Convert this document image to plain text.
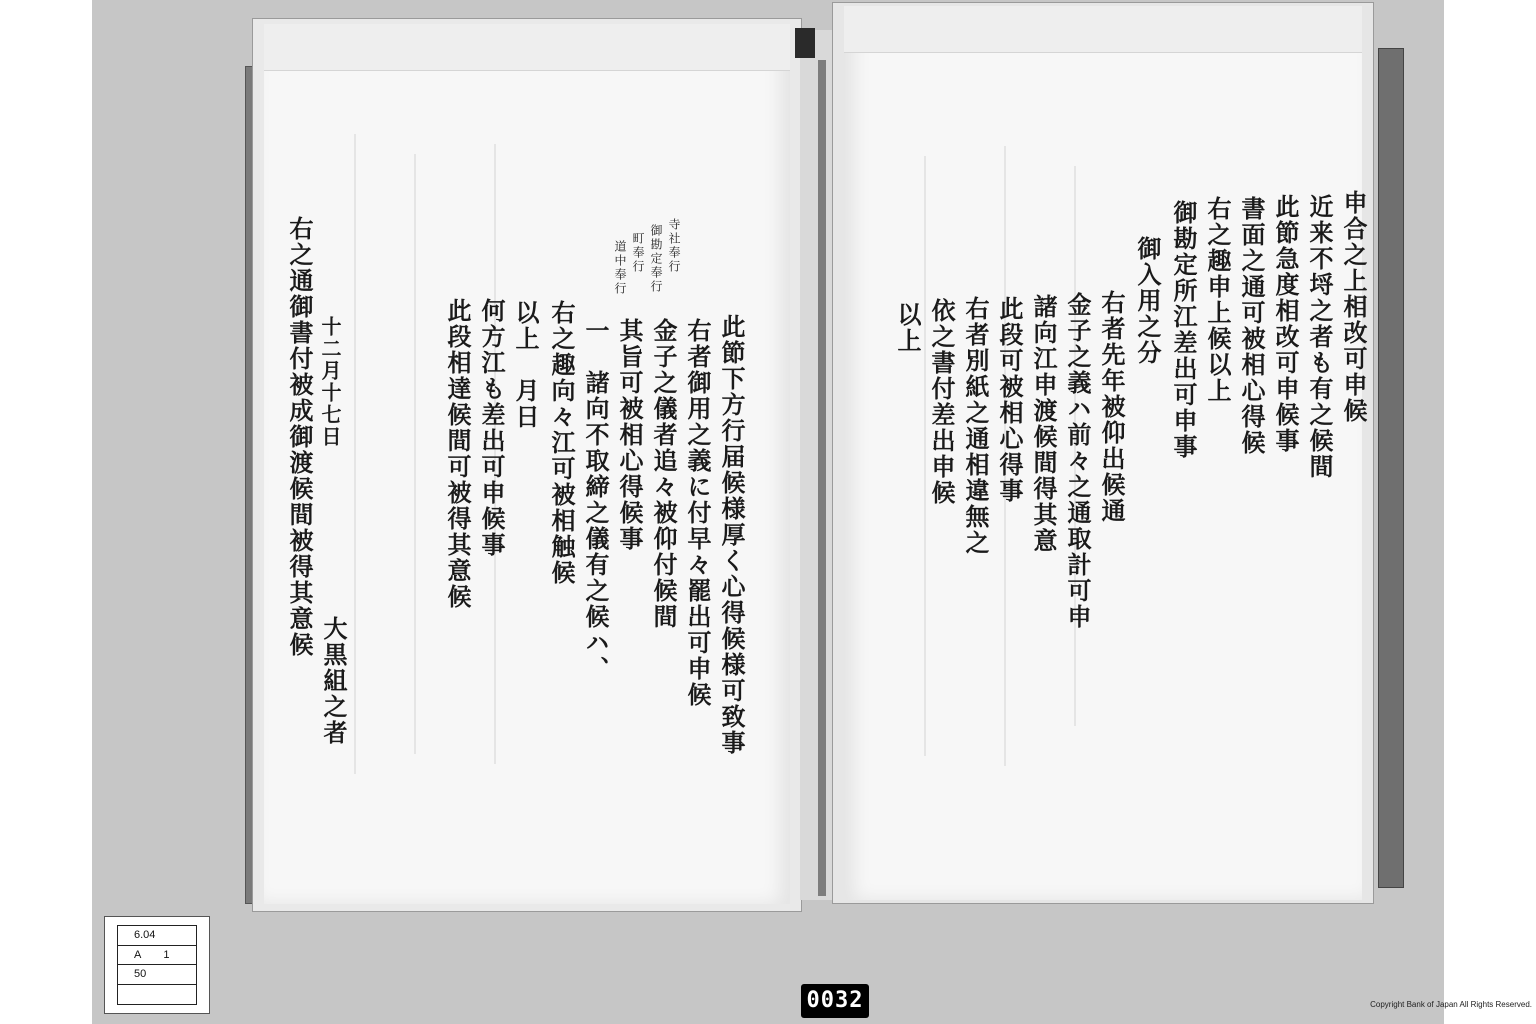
寺社奉行
御勘定奉行
町奉行
道中奉行
此節下方行届候様厚く心得候様可致事
右者御用之義に付早々罷出可申候
金子之儀者追々被仰付候間
其旨可被相心得候事
一　諸向不取締之儀有之候ハ、
右之趣向々江可被相触候
以上　月日
何方江も差出可申候事
此段相達候間可被得其意候
十二月十七日
右之通御書付被成御渡候間被得其意候
大黒組之者
申合之上相改可申候
近来不埒之者も有之候間
此節急度相改可申候事
書面之通可被相心得候
右之趣申上候以上
御勘定所江差出可申事
御入用之分
右者先年被仰出候通
金子之義ハ前々之通取計可申
諸向江申渡候間得其意
此段可被相心得事
右者別紙之通相違無之
依之書付差出申候
以上
6.04
A 1
50
0032	Copyright Bank of Japan All Rights Reserved.
